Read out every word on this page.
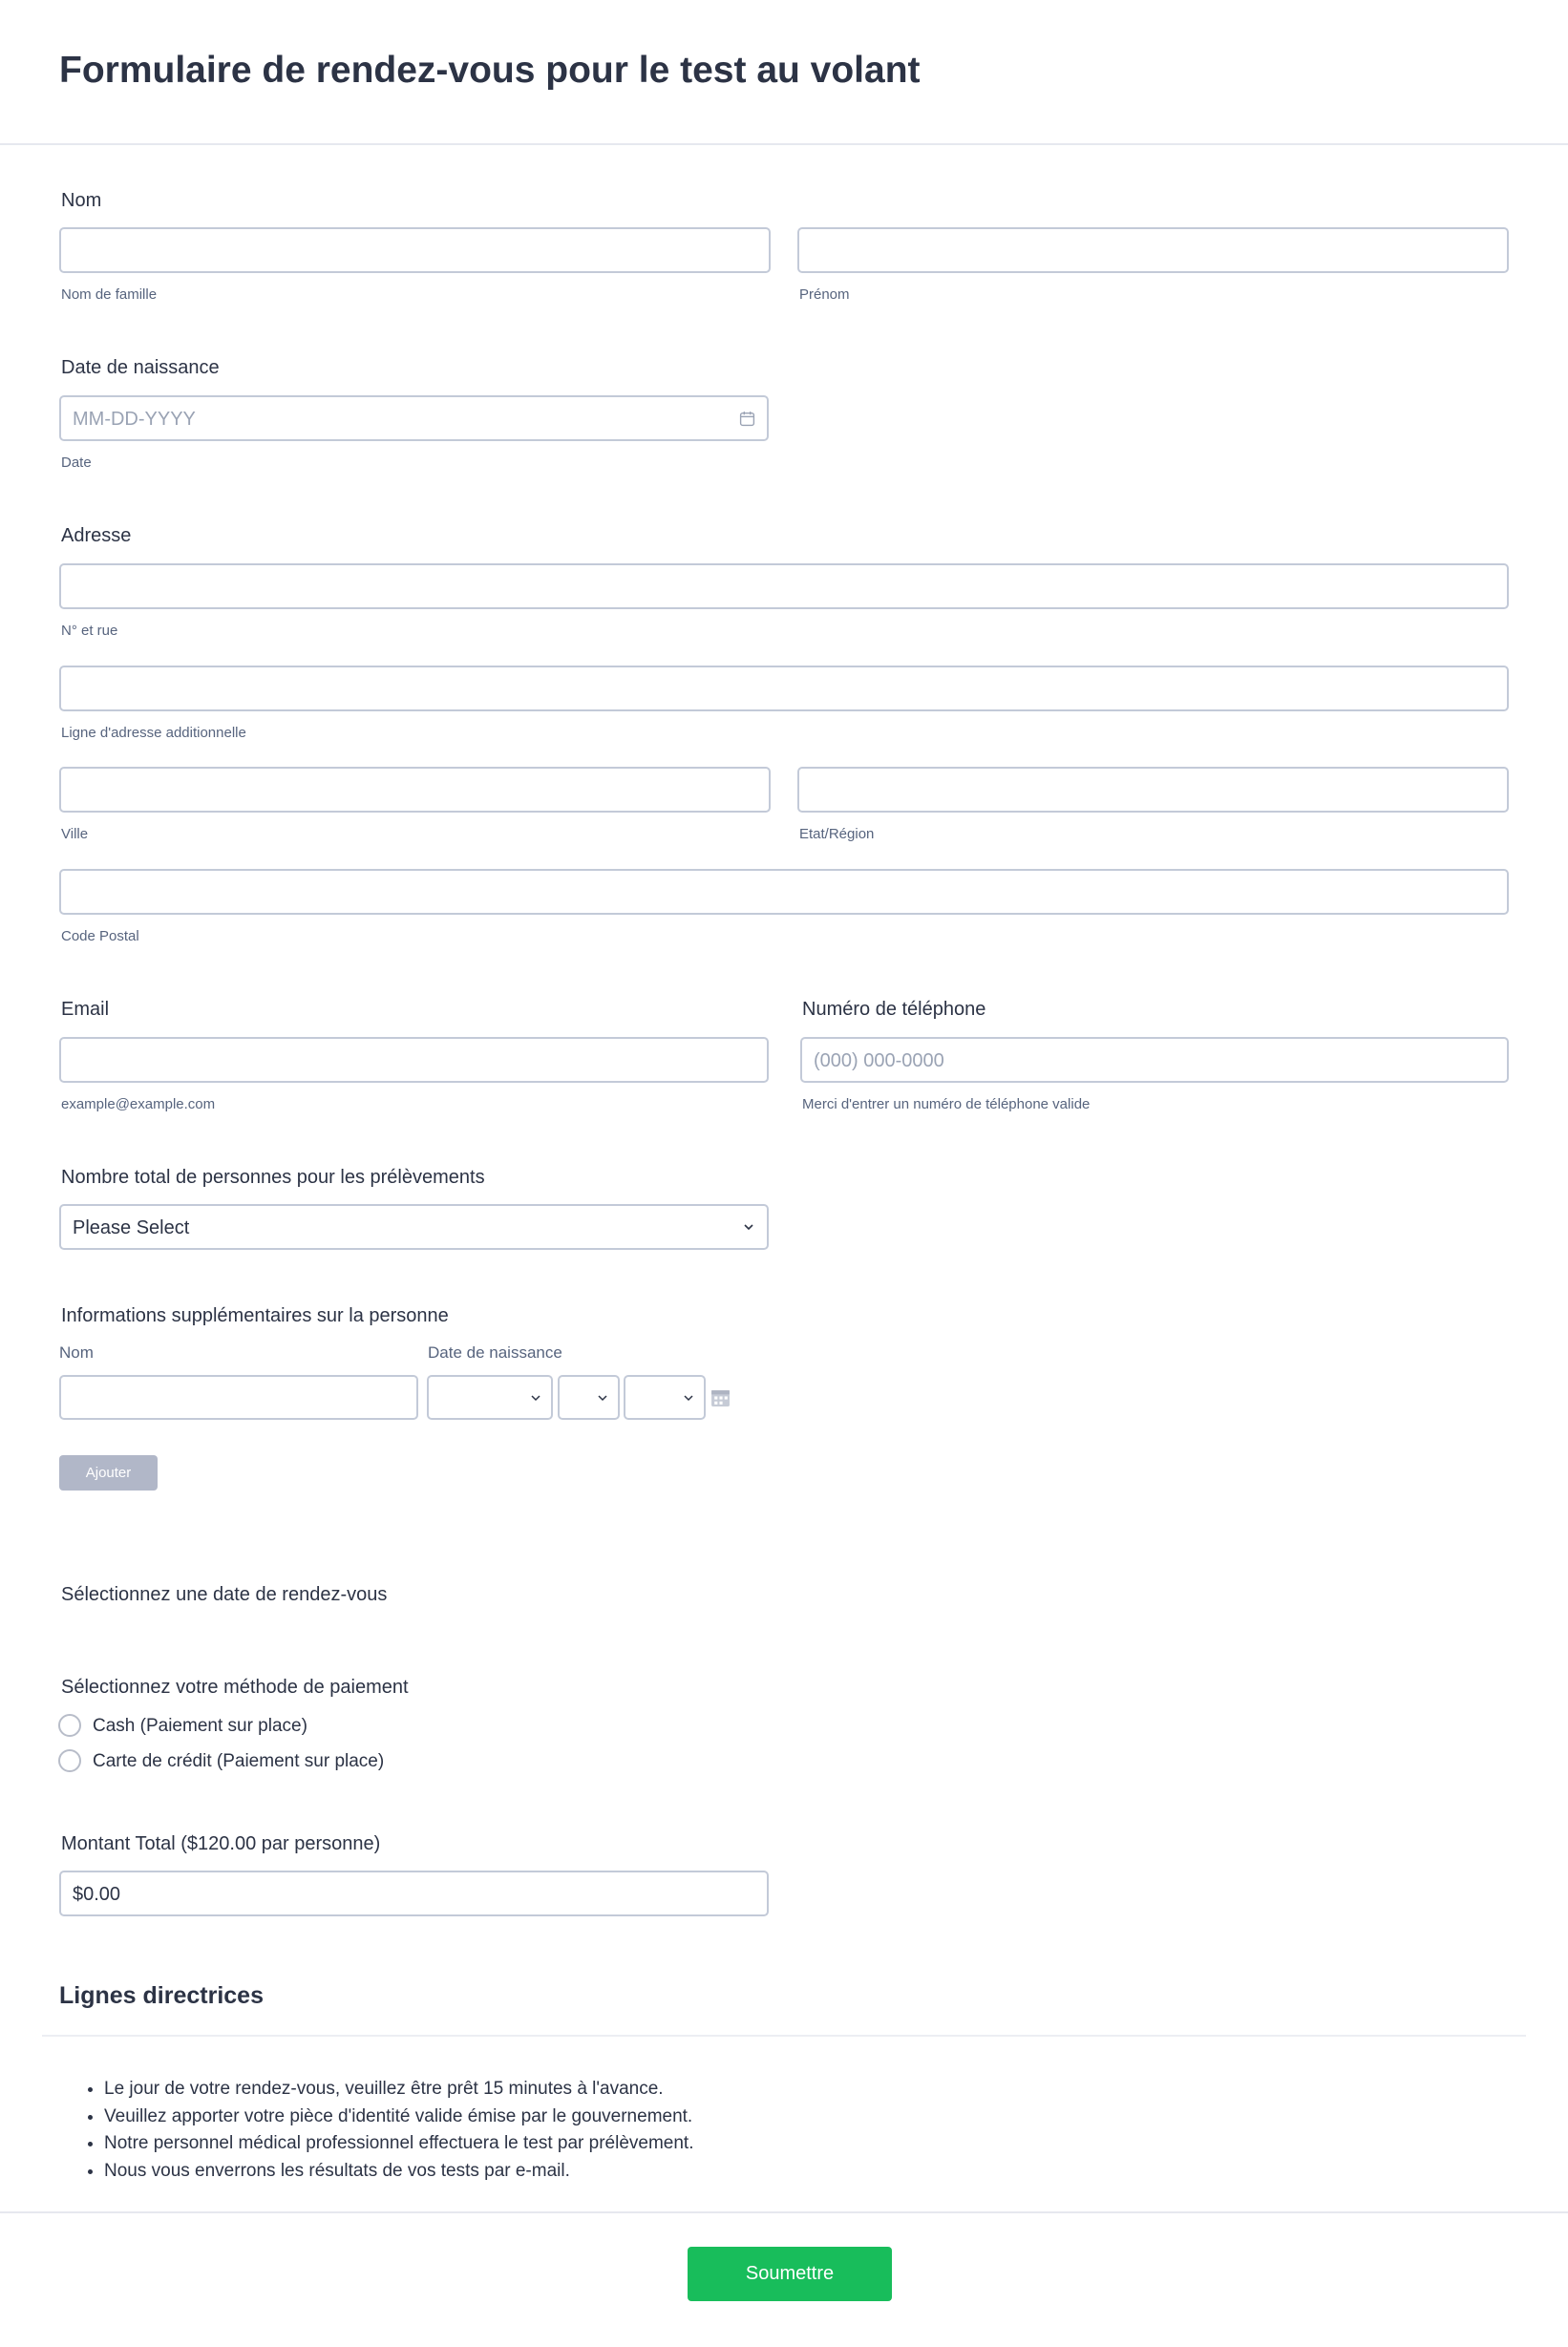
Formulaire de rendez-vous pour le test au volant
Nom
Nom de famille	Prénom
Date de naissance
MM-DD-YYYY
Date
Adresse
N° et rue
Ligne d'adresse additionnelle
Ville	Etat/Région
Code Postal
Email
example@example.com
Numéro de téléphone
(000) 000-0000
Merci d'entrer un numéro de téléphone valide
Nombre total de personnes pour les prélèvements
Please Select
Informations supplémentaires sur la personne
Nom	Date de naissance
Ajouter
Sélectionnez une date de rendez-vous
Sélectionnez votre méthode de paiement
Cash (Paiement sur place)
Carte de crédit (Paiement sur place)
Montant Total ($120.00 par personne)
$0.00
Lignes directrices
• Le jour de votre rendez-vous, veuillez être prêt 15 minutes à l'avance.
• Veuillez apporter votre pièce d'identité valide émise par le gouvernement.
• Notre personnel médical professionnel effectuera le test par prélèvement.
• Nous vous enverrons les résultats de vos tests par e-mail.
Soumettre
